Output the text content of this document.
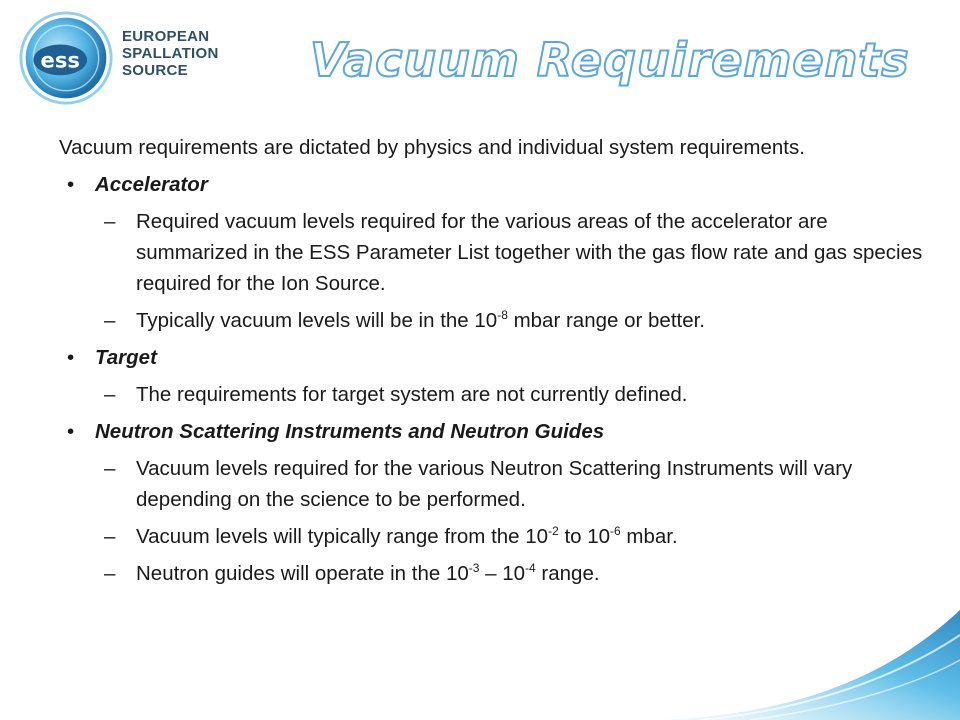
ess
EUROPEAN
SPALLATION
SOURCE	Vacuum Requirements

Vacuum requirements are dictated by physics and individual system requirements.

• Accelerator
– Required vacuum levels required for the various areas of the accelerator are summarized in the ESS Parameter List together with the gas flow rate and gas species required for the Ion Source.
– Typically vacuum levels will be in the $10^{-8}$ mbar range or better.
• Target
– The requirements for target system are not currently defined.
• Neutron Scattering Instruments and Neutron Guides
– Vacuum levels required for the various Neutron Scattering Instruments will vary depending on the science to be performed.
– Vacuum levels will typically range from the $10^{-2}$ to $10^{-6}$ mbar.
– Neutron guides will operate in the $10^{-3} - 10^{-4}$ range.
